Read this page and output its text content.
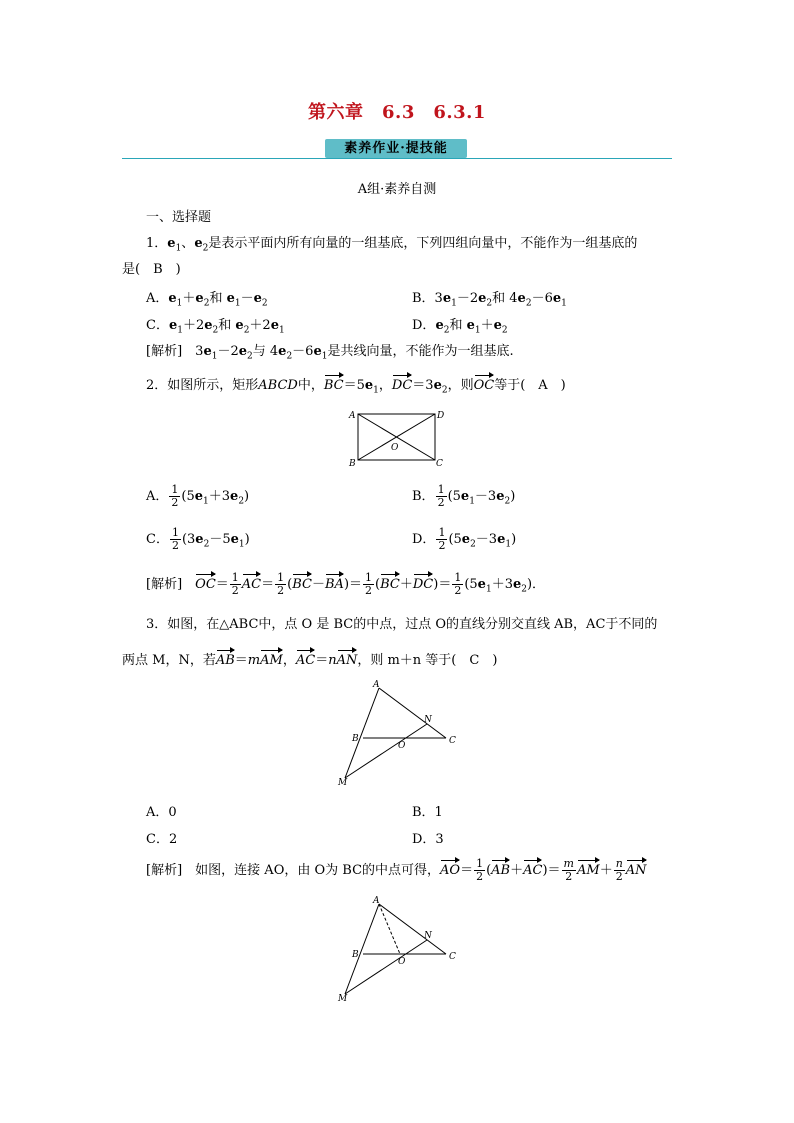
第六章　6.3　6.3.1
素养作业·提技能
A组·素养自测
一、选择题
1．$e_1$、$e_2$是表示平面内所有向量的一组基底，下列四组向量中，不能作为一组基底的
是(　B　)
A．$e_1+e_2$和 $e_1-e_2$	B．$3e_1-2e_2$和 $4e_2-6e_1$
C．$e_1+2e_2$和 $e_2+2e_1$	D．$e_2$和 $e_1+e_2$
[解析]　$3e_1-2e_2$与 $4e_2-6e_1$是共线向量，不能作为一组基底.
2．如图所示，矩形ABCD中，$BC=5e_1$，$DC=3e_2$，则OC等于(　A　)
A	D
B	C
O
A． $\frac{1}{2} (5e_1+3e_2)$	B． $\frac{1}{2} (5e_1-3e_2)$
C． $\frac{1}{2} (3e_2-5e_1)$	D． $\frac{1}{2} (5e_2-3e_1)$
[解析]　 $OC= \frac{1}{2} AC= \frac{1}{2} (BC-BA)= \frac{1}{2} (BC+DC)= \frac{1}{2} (5e_1+3e_2)$．
3．如图，在△ABC中，点 O 是 BC的中点，过点 O的直线分别交直线 AB，AC于不同的
两点 M，N，若AB＝mAM，AC＝nAN，则 m＋n 等于(　C　)
A
B	C
N
O
M
A．0	B．1
C．2	D．3
[解析]　 如图，连接 AO，由 O为 BC的中点可得，$AO= \frac{1}{2} (AB+AC)= \frac{m}{2} AM+ \frac{n}{2}$ AN
A
B	C
N
O
M
